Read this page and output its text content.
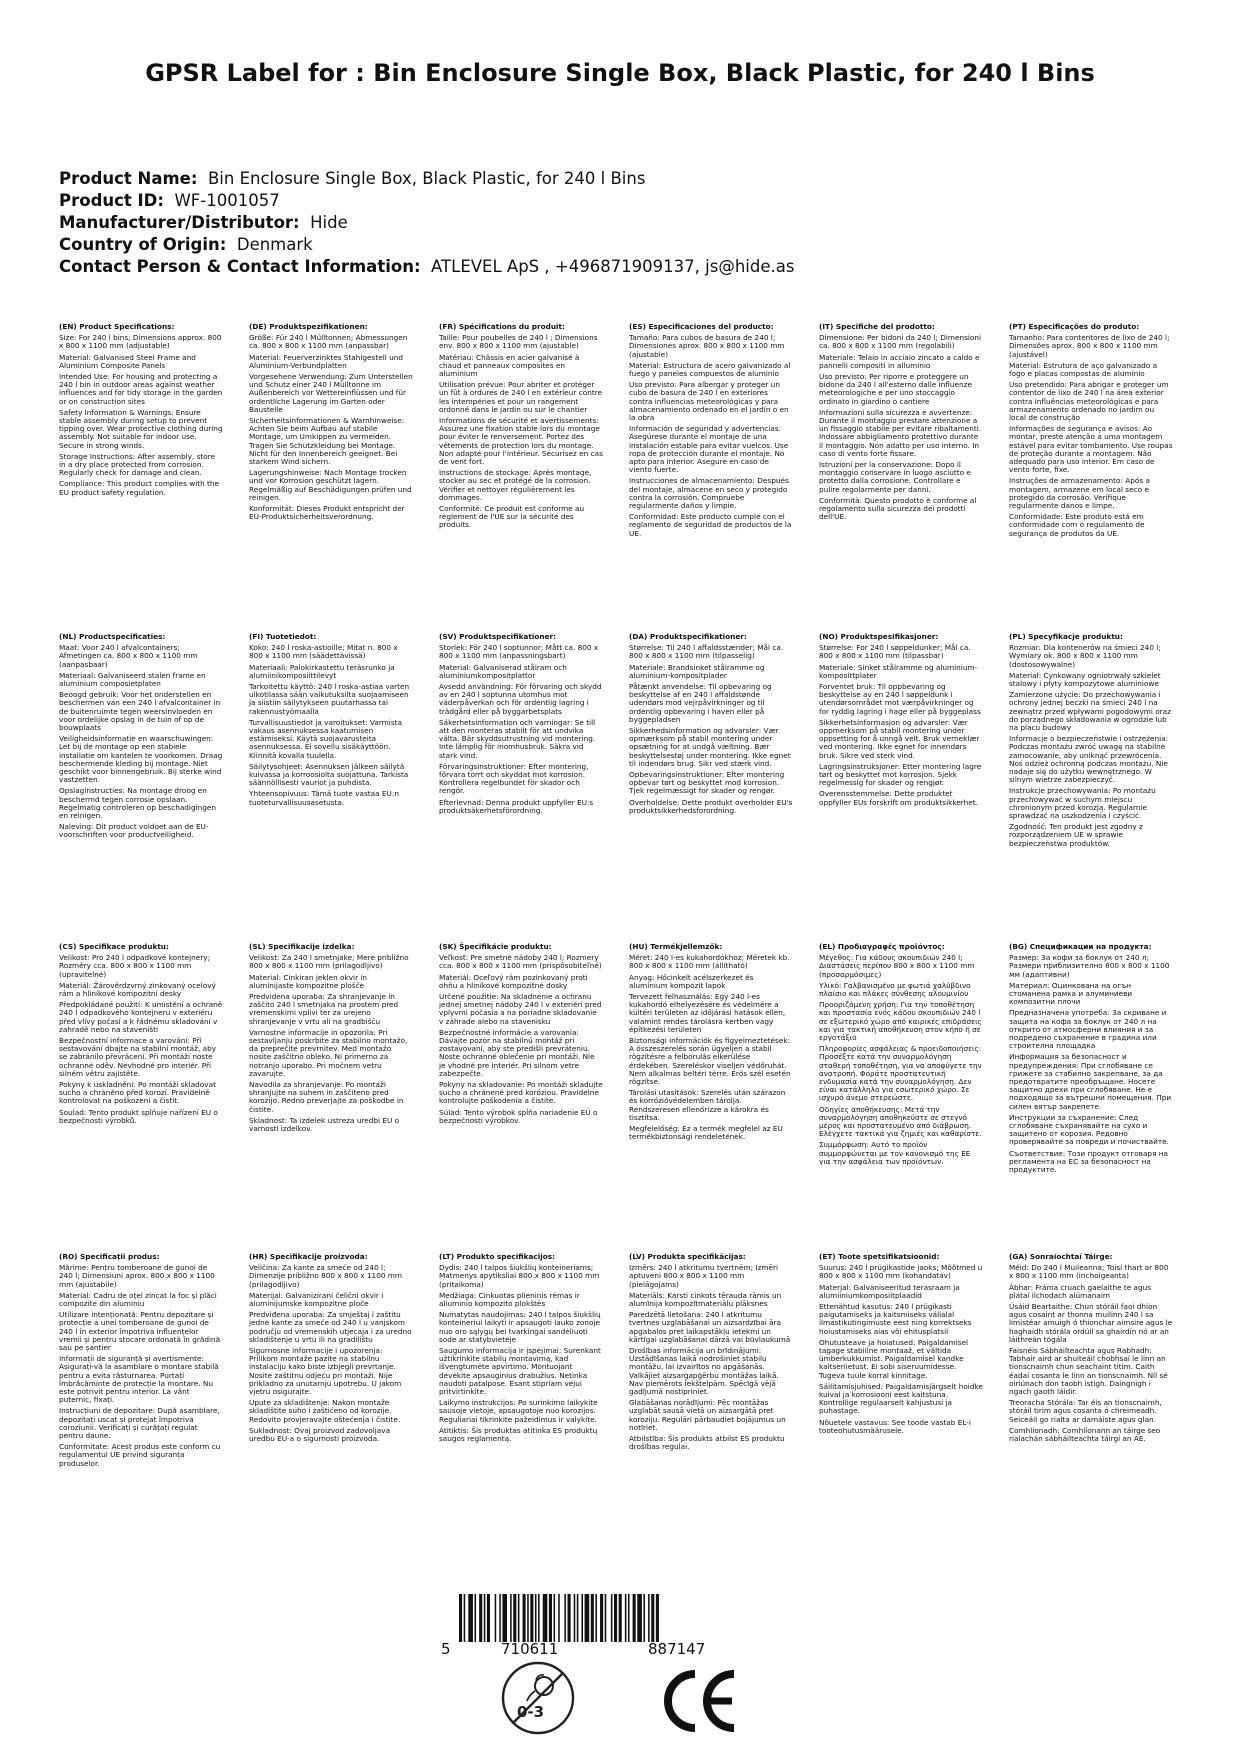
GPSR Label for : Bin Enclosure Single Box, Black Plastic, for 240 l Bins
Product Name: Bin Enclosure Single Box, Black Plastic, for 240 l Bins
Product ID: WF-1001057
Manufacturer/Distributor: Hide
Country of Origin: Denmark
Contact Person & Contact Information: ATLEVEL ApS , +496871909137, js@hide.as

(EN) Product Specifications:

Size: For 240 l bins; Dimensions approx. 800 x 800 x 1100 mm (adjustable)

Material: Galvanised Steel Frame and Aluminium Composite Panels

Intended Use: For housing and protecting a 240 l bin in outdoor areas against weather influences and for tidy storage in the garden or on construction sites

Safety Information & Warnings: Ensure stable assembly during setup to prevent tipping over. Wear protective clothing during assembly. Not suitable for indoor use. Secure in strong winds.

Storage Instructions: After assembly, store in a dry place protected from corrosion. Regularly check for damage and clean.

Compliance: This product complies with the EU product safety regulation.

(DE) Produktspezifikationen:

Größe: Für 240 l Mülltonnen; Abmessungen ca. 800 x 800 x 1100 mm (anpassbar)

Material: Feuerverzinktes Stahlgestell und Aluminium-Verbundplatten

Vorgesehene Verwendung: Zum Unterstellen und Schutz einer 240 l Mülltonne im Außenbereich vor Wettereinflüssen und für ordentliche Lagerung im Garten oder Baustelle

Sicherheitsinformationen & Warnhinweise: Achten Sie beim Aufbau auf stabile Montage, um Umkippen zu vermeiden. Tragen Sie Schutzkleidung bei Montage. Nicht für den Innenbereich geeignet. Bei starkem Wind sichern.

Lagerungshinweise: Nach Montage trocken und vor Korrosion geschützt lagern. Regelmäßig auf Beschädigungen prüfen und reinigen.

Konformität: Dieses Produkt entspricht der EU-Produktsicherheitsverordnung.

(FR) Spécifications du produit:

Taille: Pour poubelles de 240 l ; Dimensions env. 800 x 800 x 1100 mm (ajustable)

Matériau: Châssis en acier galvanisé à chaud et panneaux composites en aluminium

Utilisation prévue: Pour abriter et protéger un fût à ordures de 240 l en extérieur contre les intempéries et pour un rangement ordonné dans le jardin ou sur le chantier

Informations de sécurité et avertissements: Assurez une fixation stable lors du montage pour éviter le renversement. Portez des vêtements de protection lors du montage. Non adapté pour l'intérieur. Sécurisez en cas de vent fort.

Instructions de stockage: Après montage, stocker au sec et protégé de la corrosion. Vérifier et nettoyer régulièrement les dommages.

Conformité: Ce produit est conforme au règlement de l'UE sur la sécurité des produits.

(ES) Especificaciones del producto:

Tamaño: Para cubos de basura de 240 l; Dimensiones aprox. 800 x 800 x 1100 mm (ajustable)

Material: Estructura de acero galvanizado al fuego y paneles compuestos de aluminio

Uso previsto: Para albergar y proteger un cubo de basura de 240 l en exteriores contra influencias meteorológicas y para almacenamiento ordenado en el jardín o en la obra

Información de seguridad y advertencias: Asegúrese durante el montaje de una instalación estable para evitar vuelcos. Use ropa de protección durante el montaje. No apto para interior. Asegure en caso de viento fuerte.

Instrucciones de almacenamiento: Después del montaje, almacene en seco y protegido contra la corrosión. Compruebe regularmente daños y limpie.

Conformidad: Este producto cumple con el reglamento de seguridad de productos de la UE.

(IT) Specifiche del prodotto:

Dimensione: Per bidoni da 240 l; Dimensioni ca. 800 x 800 x 1100 mm (regolabili)

Materiale: Telaio in acciaio zincato a caldo e pannelli compositi in alluminio

Uso previsto: Per riporre e proteggere un bidone da 240 l all'esterno dalle influenze meteorologiche e per uno stoccaggio ordinato in giardino o cantiere

Informazioni sulla sicurezza e avvertenze: Durante il montaggio prestare attenzione a un fissaggio stabile per evitare ribaltamenti. Indossare abbigliamento protettivo durante il montaggio. Non adatto per uso interno. In caso di vento forte fissare.

Istruzioni per la conservazione: Dopo il montaggio conservare in luogo asciutto e protetto dalla corrosione. Controllare e pulire regolarmente per danni.

Conformità: Questo prodotto è conforme al regolamento sulla sicurezza dei prodotti dell'UE.

(PT) Especificações do produto:

Tamanho: Para contentores de lixo de 240 l; Dimensões aprox. 800 x 800 x 1100 mm (ajustável)

Material: Estrutura de aço galvanizado a fogo e placas compostas de alumínio

Uso pretendido: Para abrigar e proteger um contentor de lixo de 240 l na área exterior contra influências meteorológicas e para armazenamento ordenado no jardim ou local de construção

Informações de segurança e avisos: Ao montar, preste atenção a uma montagem estável para evitar tombamento. Use roupas de proteção durante a montagem. Não adequado para uso interior. Em caso de vento forte, fixe.

Instruções de armazenamento: Após a montagem, armazene em local seco e protegido da corrosão. Verifique regularmente danos e limpe.

Conformidade: Este produto está em conformidade com o regulamento de segurança de produtos da UE.

(NL) Productspecificaties:

Maat: Voor 240 l afvalcontainers; Afmetingen ca. 800 x 800 x 1100 mm (aanpasbaar)

Materiaal: Galvaniseerd stalen frame en aluminium composietplaten

Beoogd gebruik: Voor het onderstellen en beschermen van een 240 l afvalcontainer in de buitenruimte tegen weersinvloeden en voor ordelijke opslag in de tuin of op de bouwplaats

Veiligheidsinformatie en waarschuwingen: Let bij de montage op een stabiele installatie om kantelen te voorkomen. Draag beschermende kleding bij montage. Niet geschikt voor binnengebruik. Bij sterke wind vastzetten.

Opslaginstructies: Na montage droog en beschermd tegen corrosie opslaan. Regelmatig controleren op beschadigingen en reinigen.

Naleving: Dit product voldoet aan de EU-voorschriften voor productveiligheid.

(FI) Tuotetiedot:

Koko: 240 l roska-astioille; Mitat n. 800 x 800 x 1100 mm (säädettävissä)

Materiaali: Palokirkastettu teräsrunko ja alumiinikomposiittilevyt

Tarkoitettu käyttö: 240 l roska-astiaa varten ulkotilassa sään vaikutuksilta suojaamiseen ja siistiin säilytykseen puutarhassa tai rakennustyömaalla

Turvallisuustiedot ja varoitukset: Varmista vakaus asennuksessa kaatumisen estämiseksi. Käytä suojavarusteita asennuksessa. Ei sovellu sisäkäyttöön. Kiinnitä kovalla tuulella.

Säilytysohjeet: Asennuksen jälkeen säilytä kuivassa ja korroosiolta suojattuna. Tarkista säännöllisesti vauriot ja puhdista.

Yhteensopivuus: Tämä tuote vastaa EU:n tuoteturvallisuusasetusta.

(SV) Produktspecifikationer:

Storlek: För 240 l soptunnor; Mått ca. 800 x 800 x 1100 mm (anpassningsbart)

Material: Galvaniserad stålram och aluminiumkompositplattor

Avsedd användning: För förvaring och skydd av en 240 l soptunna utomhus mot väderpåverkan och för ordentlig lagring i trädgård eller på byggarbetsplats

Säkerhetsinformation och varningar: Se till att den monteras stabilt för att undvika välta. Bär skyddsutrustning vid montering. Inte lämplig för inomhusbruk. Säkra vid stark vind.

Förvaringsinstruktioner: Efter montering, förvara torrt och skyddat mot korrosion. Kontrollera regelbundet för skador och rengör.

Efterlevnad: Denna produkt uppfyller EU:s produktsäkerhetsförordning.

(DA) Produktspecifikationer:

Størrelse: Til 240 l affaldsstænder; Mål ca. 800 x 800 x 1100 mm (tilpasselig)

Materiale: Brandsinket stålramme og aluminium-kompositplader

Påtænkt anvendelse: Til opbevaring og beskyttelse af en 240 l affaldstønde udendørs mod vejrpåvirkninger og til ordentlig opbevaring i haven eller på byggepladsen

Sikkerhedsinformation og advarsler: Vær opmærksom på stabil montering under opsætning for at undgå væltning. Bær beskyttelsestøj under montering. Ikke egnet til indendørs brug. Sikr ved stærk vind.

Opbevaringsinstruktioner: Efter montering opbevar tørt og beskyttet mod korrosion. Tjek regelmæssigt for skader og rengør.

Overholdelse: Dette produkt overholder EU's produktsikkerhedsforordning.

(NO) Produktspesifikasjoner:

Størrelse: For 240 l søppeldunker; Mål ca. 800 x 800 x 1100 mm (tilpassbar)

Materiale: Sinket stålramme og aluminium-komposittplater

Forventet bruk: Til oppbevaring og beskyttelse av en 240 l søppeldunk i utendørsområdet mot værpåvirkninger og for ryddig lagring i hage eller på byggeplass

Sikkerhetsinformasjon og advarsler: Vær oppmerksom på stabil montering under oppsetting for å unngå velt. Bruk verneklær ved montering. Ikke egnet for innendørs bruk. Sikre ved sterk vind.

Lagringsinstruksjoner: Etter montering lagre tørt og beskyttet mot korrosjon. Sjekk regelmessig for skader og rengjør.

Overensstemmelse: Dette produktet oppfyller EUs forskrift om produktsikkerhet.

(PL) Specyfikacje produktu:

Rozmiar: Dla kontenerów na śmieci 240 l; Wymiary ok. 800 x 800 x 1100 mm (dostosowywalne)

Materiał: Cynkowany ogniotrwały szkielet stalowy i płyty kompozytowe aluminiowe

Zamierzone użycie: Do przechowywania i ochrony jednej beczki na śmieci 240 l na zewnątrz przed wpływami pogodowymi oraz do porządnego składowania w ogrodzie lub na placu budowy

Informacje o bezpieczeństwie i ostrzeżenia: Podczas montażu zwróć uwagę na stabilne zamocowanie, aby uniknąć przewrócenia. Noś odzież ochronną podczas montażu. Nie nadaje się do użytku wewnętrznego. W silnym wietrze zabezpieczyć.

Instrukcje przechowywania: Po montażu przechowywać w suchym miejscu chronionym przed korozją. Regularnie sprawdzać na uszkodzenia i czyścić.

Zgodność: Ten produkt jest zgodny z rozporządzeniem UE w sprawie bezpieczeństwa produktów.

(CS) Specifikace produktu:

Velikost: Pro 240 l odpadkové kontejnery; Rozměry cca. 800 x 800 x 1100 mm (upravitelné)

Materiál: Žárověrdzvrný zinkovaný ocelový rám a hliníkové kompozitní desky

Předpokládané použití: K umístění a ochraně 240 l odpadkového kontejneru v exteriéru před vlivy počasí a k řádnému skladování v zahradě nebo na staveništi

Bezpečnostní informace a varování: Při sestavování dbajte na stabilní montáž, aby se zabránilo převrácení. Při montáži noste ochranné oděv. Nevhodné pro interiér. Při silném větru zajistěte.

Pokyny k uskladnění: Po montáži skladovat sucho a chráněno před korozí. Pravidelně kontrolovat na poškození a čistit.

Soulad: Tento produkt splňuje nařízení EU o bezpečnosti výrobků.

(SL) Specifikacije izdelka:

Velikost: Za 240 l smetnjake; Mere približno 800 x 800 x 1100 mm (prilagodljivo)

Material: Cinkiran jeklen okvir in aluminijaste kompozitne plošče

Predvidena uporaba: Za shranjevanje in zaščito 240 l smetnjaka na prostem pred vremenskimi vplivi ter za urejeno shranjevanje v vrtu ali na gradbišču

Varnostne informacije in opozorila: Pri sestavljanju poskrbite za stabilno montažo, da preprečite prevrnitev. Med montažo nosite zaščitno obleko. Ni primerno za notranjo uporabo. Pri močnem vetru zavarujte.

Navodila za shranjevanje: Po montaži shranjujte na suhem in zaščiteno pred korozijo. Redno preverjajte za poškodbe in čistite.

Skladnost: Ta izdelek ustreza uredbi EU o varnosti izdelkov.

(SK) Špecifikácie produktu:

Veľkosť: Pre smetné nádoby 240 l; Rozmery cca. 800 x 800 x 1100 mm (prispôsobiteľné)

Materiál: Oceľový rám pozinkovaný proti ohňu a hliníkové kompozitné dosky

Určené použitie: Na skladnenie a ochranu jednej smetnej nádoby 240 l v exteriéri pred vplyvmi počasia a na poriadne skladovanie v záhrade alebo na stavenisku

Bezpečnostné informácie a varovania: Dávajte pozor na stabilnú montáž pri zostavovaní, aby ste predišli prevráteniu. Noste ochranné oblečenie pri montáži. Nie je vhodné pre interiér. Pri silnom vetre zabezpečte.

Pokyny na skladovanie: Po montáži skladujte sucho a chránené pred koróziou. Pravidelne kontrolujte poškodenia a čistite.

Súlad: Tento výrobok spĺňa nariadenie EÚ o bezpečnosti výrobkov.

(HU) Termékjellemzők:

Méret: 240 l-es kukahordókhoz; Méretek kb. 800 x 800 x 1100 mm (állítható)

Anyag: Hőcinkelt acélszerkezet és alumínium kompozit lapok

Tervezett felhasználás: Egy 240 l-es kukahordó elhelyezésére és védelmére a kültéri területen az időjárási hatások ellen, valamint rendes tárolásra kertben vagy építkezési területen

Biztonsági információk és figyelmeztetések: A összeszerelés során ügyeljen a stabil rögzítésre a felborulás elkerülése érdekében. Szereléskor viseljen védőruhát. Nem alkalmas beltéri térre. Erős szél esetén rögzítse.

Tárolási utasítások: Szerelés után szárazon és korrózióvédelemben tárolja. Rendszeresen ellenőrizze a károkra és tisztítsa.

Megfelelőség: Ez a termék megfelel az EU termékbiztonsági rendeletének.

(EL) Προδιαγραφές προϊόντος:

Μέγεθος: Για κάδους σκουπιδιών 240 l; Διαστάσεις περίπου 800 x 800 x 1100 mm (προσαρμόσιμες)

Υλικό: Γαλβανισμένο με φωτιά χαλύβδινο πλαίσιο και πλάκες σύνθεσης αλουμινίου

Προοριζόμενη χρήση: Για την τοποθέτηση και προστασία ενός κάδου σκουπιδιών 240 l σε εξωτερικό χώρο από καιρικές επιδράσεις και για τακτική αποθήκευση στον κήπο ή σε εργοτάξιο

Πληροφορίες ασφάλειας & προειδοποιήσεις: Προσέξτε κατά την συναρμολόγηση σταθερή τοποθέτηση, για να αποφύγετε την ανατροπή. Φοράτε προστατευτική ενδυμασία κατά την συναρμολόγηση. Δεν είναι κατάλληλο για εσωτερικό χώρο. Σε ισχυρό άνεμο στερεώστε.

Οδηγίες αποθήκευσης: Μετά την συναρμολόγηση αποθηκεύστε σε στεγνό μέρος και προστατευμένο από διάβρωση. Ελέγχετε τακτικά για ζημιές και καθαρίστε.

Συμμόρφωση: Αυτό το προϊόν συμμορφώνεται με τον κανονισμό της ΕΕ για την ασφάλεια των προϊόντων.

(BG) Спецификации на продукта:

Размер: За кофи за боклук от 240 л; Размери приблизително 800 x 800 x 1100 мм (адаптивни)

Материал: Оцинкована на огън стоманена рамка и алуминиеви композитни плочи

Предназначена употреба: За скриване и защита на кофа за боклук от 240 л на открито от атмосферни влияния и за подредено съхранение в градина или строителна площадка

Информация за безопасност и предупреждения: При сглобяване се грижете за стабилно закрепване, за да предотвратите преобръщане. Носете защитно дрехи при сглобяване. Не е подходящо за вътрешни помещения. При силен вятър закрепете.

Инструкции за съхранение: След сглобяване съхранявайте на сухо и защитено от корозия. Редовно проверявайте за повреди и почиствайте.

Съответствие: Този продукт отговаря на регламента на ЕС за безопасност на продуктите.

(RO) Specificații produs:

Mărime: Pentru tomberoane de gunoi de 240 l; Dimensiuni aprox. 800 x 800 x 1100 mm (ajustabile)

Material: Cadru de oțel zincat la foc și plăci compozite din aluminiu

Utilizare intenționată: Pentru depozitare și protecție a unei tomberoane de gunoi de 240 l în exterior împotriva influențelor vremii și pentru stocare ordonată în grădină sau pe șantier

Informații de siguranță și avertismente: Asigurați-vă la asamblare o montare stabilă pentru a evita răsturnarea. Purtați îmbrăcăminte de protecție la montare. Nu este potrivit pentru interior. La vânt puternic, fixați.

Instrucțiuni de depozitare: După asamblare, depozitați uscat și protejat împotriva coroziunii. Verificați și curățați regulat pentru daune.

Conformitate: Acest produs este conform cu regulamentul UE privind siguranța produselor.

(HR) Specifikacije proizvoda:

Veličina: Za kante za smeće od 240 l; Dimenzije približno 800 x 800 x 1100 mm (prilagodljivo)

Materijal: Galvanizirani čelični okvir i aluminijumske kompozitne ploče

Predviđena uporaba: Za smještaj i zaštitu jedne kante za smeće od 240 l u vanjskom području od vremenskih utjecaja i za uredno skladištenje u vrtu ili na gradilištu

Sigurnosne informacije i upozorenja: Prilikom montaže pazite na stabilnu instalaciju kako biste izbjegli prevrtanje. Nosite zaštitnu odjeću pri montaži. Nije prikladno za unutarnju upotrebu. U jakom vjetru osigurajte.

Upute za skladištenje: Nakon montaže skladištite suho i zaštićeno od korozije. Redovito provjeravajte oštećenja i čistite.

Sukladnost: Ovaj proizvod zadovoljava uredbu EU-a o sigurnosti proizvoda.

(LT) Produkto specifikacijos:

Dydis: 240 l talpos šiukšlių konteineriams; Matmenys apytiksliai 800 x 800 x 1100 mm (pritaikoma)

Medžiaga: Cinkuotas plieninis rėmas ir aliuminio kompozito plokštės

Numatytas naudojimas: 240 l talpos šiukšlių konteineriui laikyti ir apsaugoti lauko zonoje nuo oro sąlygų bei tvarkingai sandėliuoti sode ar statybvietėje

Saugumo informacija ir įspėjimai: Surenkant užtikrinkite stabilų montavimą, kad išvengtumėte apvirtimo. Montuojant dėvėkite apsauginius drabužius. Netinka naudoti patalpose. Esant stipriam vėjui pritvirtinkite.

Laikymo instrukcijos: Po surinkimo laikykite sausoje vietoje, apsaugotoje nuo korozijos. Reguliariai tikrinkite pažeidimus ir valykite.

Atitiktis: Šis produktas atitinka ES produktų saugos reglamentą.

(LV) Produkta specifikācijas:

Izmērs: 240 l atkritumu tvertnēm; Izmēri aptuveni 800 x 800 x 1100 mm (pielāgojams)

Materiāls: Karsti cinkots tērauda rāmis un alumīnija kompozītmateriālu plāksnes

Paredzētā lietošana: 240 l atkritumu tvertnes uzglabāšanai un aizsardzībai āra apgabalos pret laikapstākļu ietekmi un kārtīgai uzglabāšanai dārzā vai būvlaukumā

Drošības informācija un brīdinājumi: Uzstādīšanas laikā nodrošiniet stabilu montāžu, lai izvairītos no apgāšanās. Valkājiet aizsargapģērbu montāžas laikā. Nav piemērots iekštelpām. Spēcīgā vējā gadījumā nostipriniet.

Glabāšanas norādījumi: Pēc montāžas uzglabāt sausā vietā un aizsargātā pret koroziju. Regulāri pārbaudiet bojājumus un notīriet.

Atbilstība: Šis produkts atbilst ES produktu drošības regulai.

(ET) Toote spetsifikatsioonid:

Suurus: 240 l prügikastide jaoks; Mõõtmed u 800 x 800 x 1100 mm (kohandatav)

Materjal: Galvaniseeritud terasraam ja alumiiniumkomposiitplaadid

Ettenähtud kasutus: 240 l prügikasti paigutamiseks ja kaitsmiseks välialal ilmastikutingimuste eest ning korrektseks hoiustamiseks aias või ehitusplatsil

Ohutusteave ja hoiatused: Paigaldamisel tagage stabiilne montaaž, et vältida ümberkukkumist. Paigaldamisel kandke kaitseriietust. Ei sobi siseruumidesse. Tugeva tuule korral kinnitage.

Säilitamisjuhised: Paigaldamisjärgselt hoidke kuival ja korrosiooni eest kaitstuna. Kontrollige regulaarselt kahjustusi ja puhastage.

Nõuetele vastavus: See toode vastab EL-i tooteohutusmäärusele.

(GA) Sonraíochtaí Táirge:

Méid: Do 240 l Muileanna; Toisí thart ar 800 x 800 x 1100 mm (inchoigeanta)

Ábhar: Fráma cruach gaelaithe te agus plátaí ilchodach alúmanaim

Úsáid Beartaithe: Chun stóráil faoi dhíon agus cosaint ar thonna muilinn 240 l sa limistéar amuigh ó thionchar aimsire agus le haghaidh stórála ordúil sa ghairdín nó ar an láithreán tógála

Faisnéis Sábháilteachta agus Rabhadh: Tabhair aird ar shuiteáil chobhsaí le linn an tionscnaimh chun seachaint titim. Caith éadaí cosanta le linn an tionscnaimh. Níl sé oiriúnach don taobh istigh. Daingnigh i ngach gaoth láidir.

Treoracha Stórála: Tar éis an tionscnaimh, stóráil tirim agus cosanta ó chreimeadh. Seiceáil go rialta ar damáiste agus glan.

Comhlíonadh: Comhlíonann an táirge seo rialachán sábháilteachta táirgí an AE.

5	710611	887147
0-3
